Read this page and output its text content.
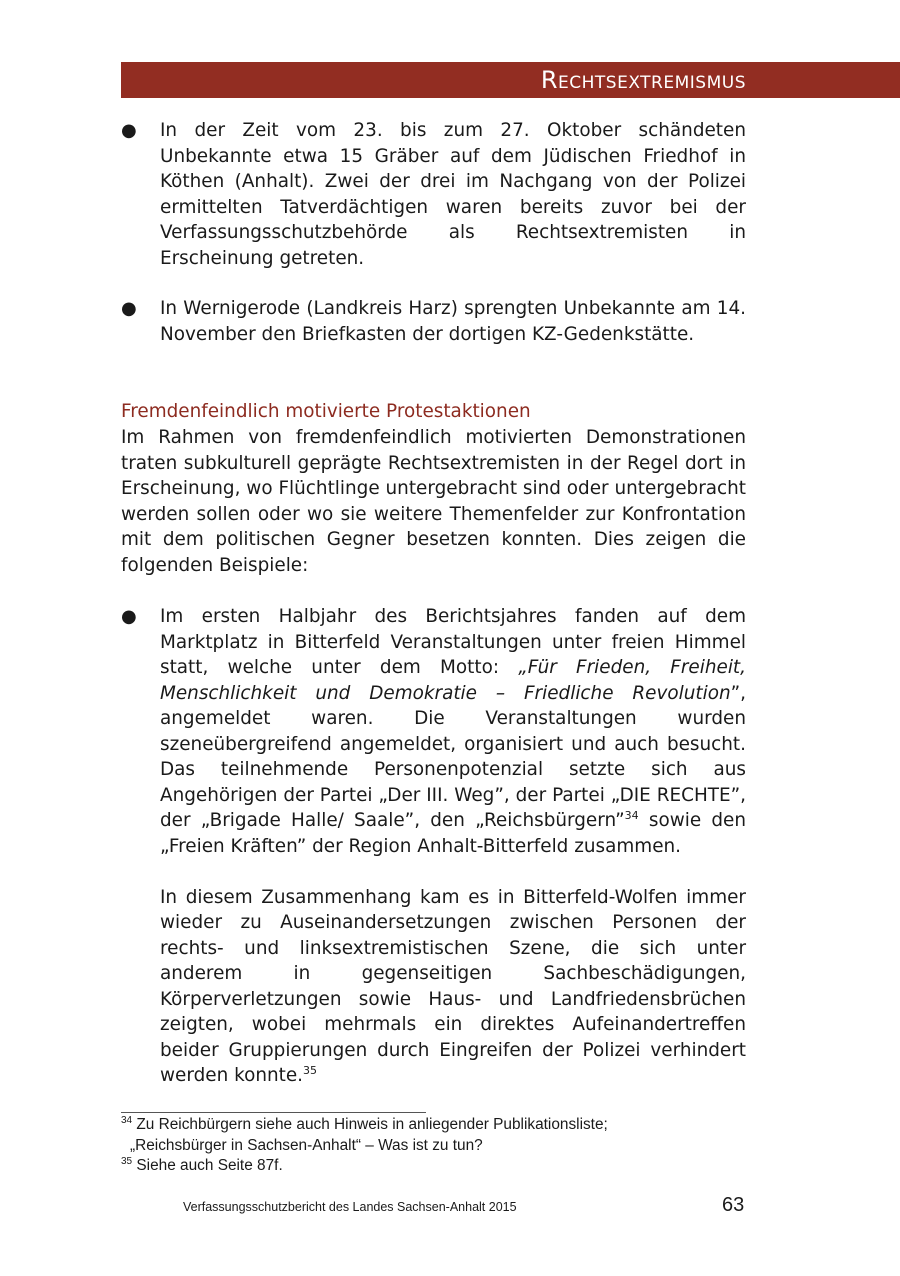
Rechtsextremismus
● In der Zeit vom 23. bis zum 27. Oktober schändeten Unbekannte etwa 15 Gräber auf dem Jüdischen Friedhof in Köthen (Anhalt). Zwei der drei im Nachgang von der Polizei ermittelten Tatverdächtigen waren bereits zuvor bei der Verfassungsschutzbehörde als Rechtsextremisten in Erscheinung getreten.
● In Wernigerode (Landkreis Harz) sprengten Unbekannte am 14. November den Briefkasten der dortigen KZ-Gedenkstätte.
Fremdenfeindlich motivierte Protestaktionen
Im Rahmen von fremdenfeindlich motivierten Demonstrationen traten subkulturell geprägte Rechtsextremisten in der Regel dort in Erscheinung, wo Flüchtlinge untergebracht sind oder untergebracht werden sollen oder wo sie weitere Themenfelder zur Konfrontation mit dem politischen Gegner besetzen konnten. Dies zeigen die folgenden Beispiele:
● Im ersten Halbjahr des Berichtsjahres fanden auf dem Marktplatz in Bitterfeld Veranstaltungen unter freien Himmel statt, welche unter dem Motto: „Für Frieden, Freiheit, Menschlichkeit und Demokratie – Friedliche Revolution”, angemeldet waren. Die Veranstaltungen wurden szeneübergreifend angemeldet, organisiert und auch besucht. Das teilnehmende Personenpotenzial setzte sich aus Angehörigen der Partei „Der III. Weg”, der Partei „DIE RECHTE”, der „Brigade Halle/ Saale”, den „Reichsbürgern”$^{34}$ sowie den „Freien Kräften” der Region Anhalt-Bitterfeld zusammen.
In diesem Zusammenhang kam es in Bitterfeld-Wolfen immer wieder zu Auseinandersetzungen zwischen Personen der rechts- und linksextremistischen Szene, die sich unter anderem in gegenseitigen Sachbeschädigungen, Körperverletzungen sowie Haus- und Landfriedensbrüchen zeigten, wobei mehrmals ein direktes Aufeinandertreffen beider Gruppierungen durch Eingreifen der Polizei verhindert werden konnte.$^{35}$
$^{34}$ Zu Reichbürgern siehe auch Hinweis in anliegender Publikationsliste;
„Reichsbürger in Sachsen-Anhalt“ – Was ist zu tun?
$^{35}$ Siehe auch Seite 87f.
Verfassungsschutzbericht des Landes Sachsen-Anhalt 2015	63
